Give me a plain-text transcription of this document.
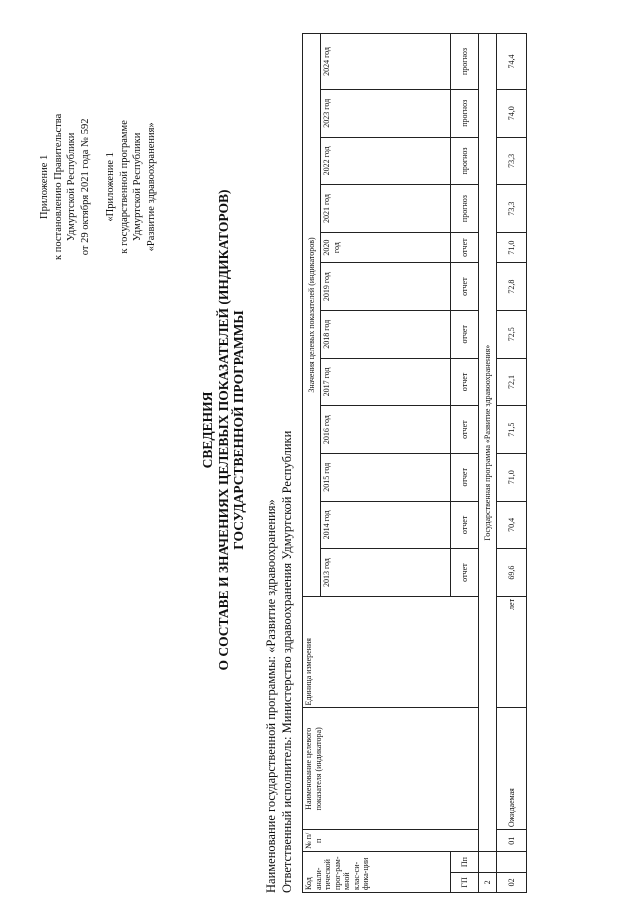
Приложение 1 к постановлению Правительства Удмуртской Республики от 29 октября 2021 года № 592 «Приложение 1 к государственной программе Удмуртской Республики «Развитие здравоохранения»
СВЕДЕНИЯ О СОСТАВЕ И ЗНАЧЕНИЯХ ЦЕЛЕВЫХ ПОКАЗАТЕЛЕЙ (ИНДИКАТОРОВ) ГОСУДАРСТВЕННОЙ ПРОГРАММЫ
Наименование государственной программы: «Развитие здравоохранения» Ответственный исполнитель: Министерство здравоохранения Удмуртской Республики Код анали-тической прог-рам-мной клас-си-фика-ции		№ п/п	Наименование целевого показателя (индикатора)	Единица измерения	Значения целевых показателей (индикаторов)											
					2013 год	2014 год	2015 год	2016 год	2017 год	2018 год	2019 год	2020 год	2021 год	2022 год	2023 год	2024 год
ГП	Пп				отчет	отчет	отчет	отчет	отчет	отчет	отчет	отчет	прогноз	прогноз	прогноз	прогноз
2		Государственная программа «Развитие здравоохранения»														
02		01	Ожидаемая	лет	69,6	70,4	71,0	71,5	72,1	72,5	72,8	71,0	73,3	73,3	74,0	74,4
